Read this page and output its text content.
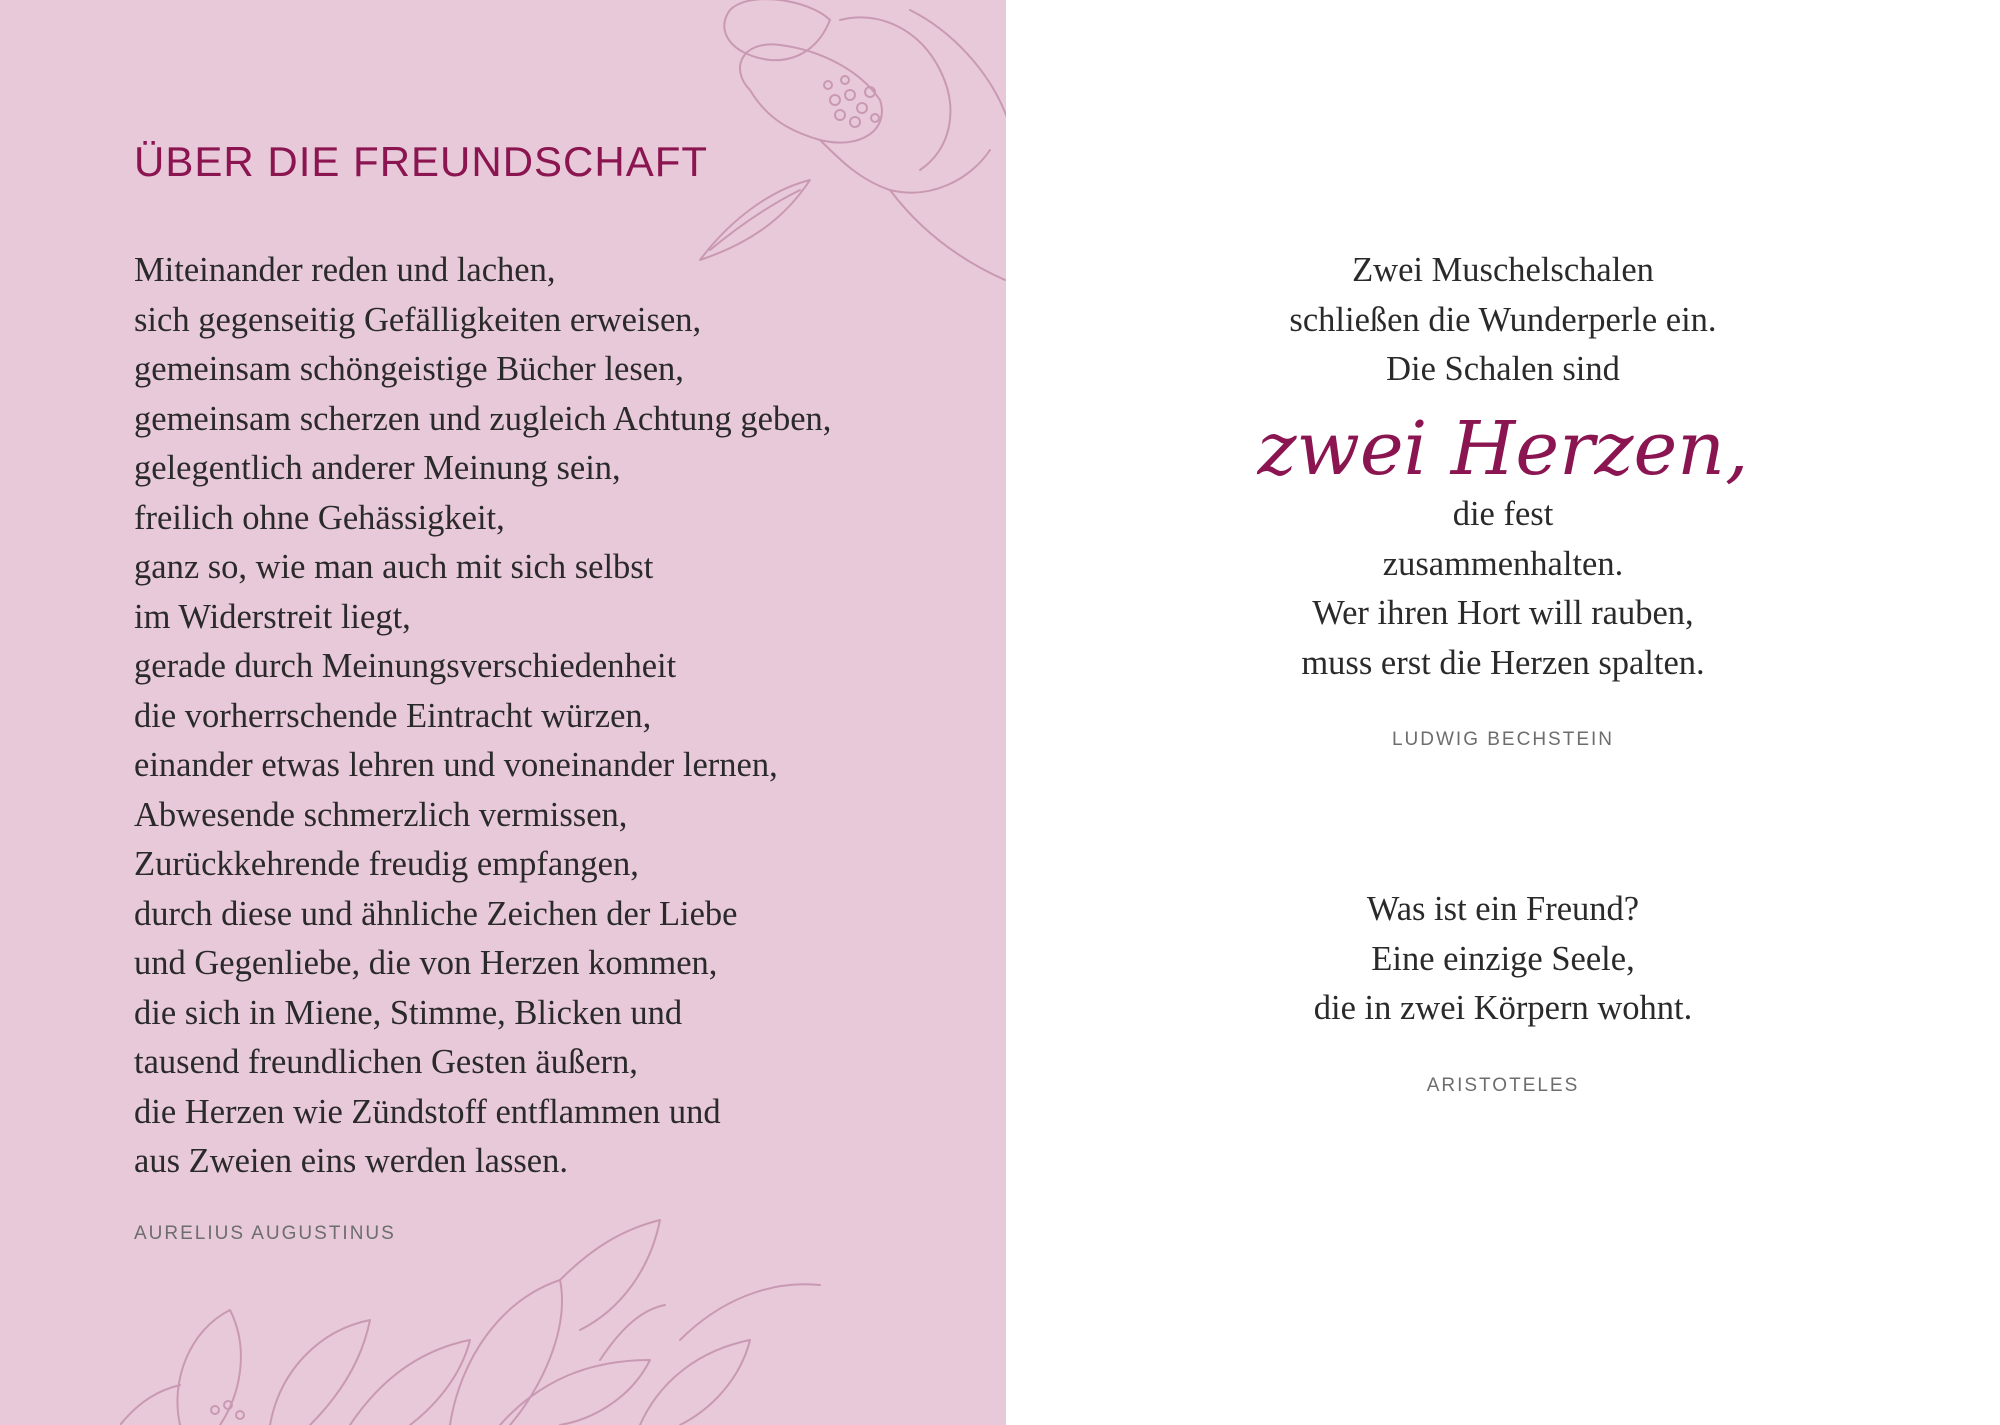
ÜBER DIE FREUNDSCHAFT
Miteinander reden und lachen,
sich gegenseitig Gefälligkeiten erweisen,
gemeinsam schöngeistige Bücher lesen,
gemeinsam scherzen und zugleich Achtung geben,
gelegentlich anderer Meinung sein,
freilich ohne Gehässigkeit,
ganz so, wie man auch mit sich selbst
im Widerstreit liegt,
gerade durch Meinungsverschiedenheit
die vorherrschende Eintracht würzen,
einander etwas lehren und voneinander lernen,
Abwesende schmerzlich vermissen,
Zurückkehrende freudig empfangen,
durch diese und ähnliche Zeichen der Liebe
und Gegenliebe, die von Herzen kommen,
die sich in Miene, Stimme, Blicken und
tausend freundlichen Gesten äußern,
die Herzen wie Zündstoff entflammen und
aus Zweien eins werden lassen.
AURELIUS AUGUSTINUS
Zwei Muschelschalen
schließen die Wunderperle ein.
Die Schalen sind
zwei Herzen,
die fest
zusammenhalten.
Wer ihren Hort will rauben,
muss erst die Herzen spalten.
LUDWIG BECHSTEIN
Was ist ein Freund?
Eine einzige Seele,
die in zwei Körpern wohnt.
ARISTOTELES
